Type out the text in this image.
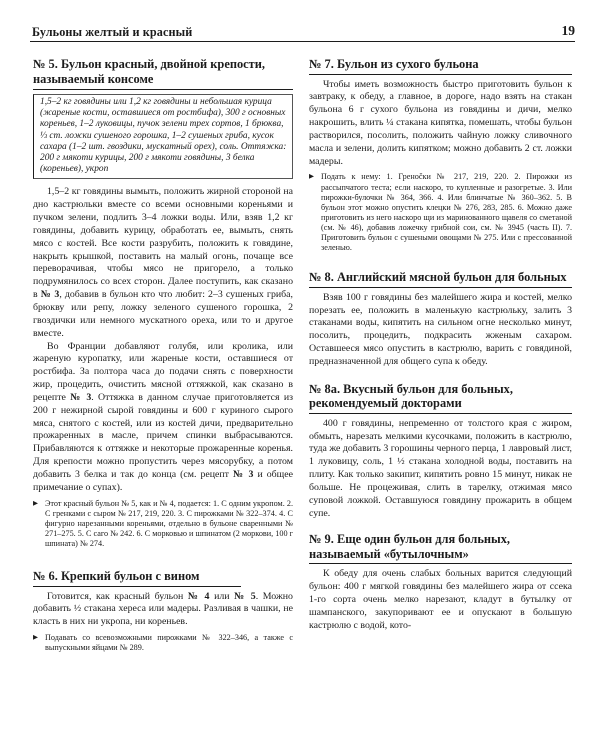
Бульоны желтый и красный	19
№ 5. Бульон красный, двойной крепости, называемый консоме
1,5–2 кг говядины или 1,2 кг говядины и небольшая курица (жареные кости, оставшиеся от ростбифа), 300 г основных кореньев, 1–2 луковицы, пучок зелени трех сортов, 1 брюква, ⅓ ст. ложки сушеного горошка, 1–2 сушеных гриба, кусок сахара (1–2 шт. гвоздики, мускатный орех), соль. Оттяжка: 200 г мякоти курицы, 200 г мякоти говядины, 3 белка (кореньев), укроп

1,5–2 кг говядины вымыть, положить жирной стороной на дно кастрюльки вместе со всеми основными кореньями и пучком зелени, подлить 3–4 ложки воды. Или, взяв 1,2 кг говядины, добавить курицу, обработать ее, вымыть, снять мясо с костей. Все кости разрубить, положить к говядине, накрыть крышкой, поставить на малый огонь, почаще все переворачивая, чтобы мясо не пригорело, а только подрумянилось со всех сторон. Далее поступить, как сказано в № 3, добавив в бульон кто что любит: 2–3 сушеных гриба, брюкву или репу, ложку зеленого сушеного горошка, 2 гвоздички или немного мускатного ореха, или то и другое вместе.

Во Франции добавляют голубя, или кролика, или жареную куропатку, или жареные кости, оставшиеся от ростбифа. За полтора часа до подачи снять с поверхности жир, процедить, очистить мясной оттяжкой, как сказано в рецепте № 3. Оттяжка в данном случае приготовляется из 200 г нежирной сырой говядины и 600 г куриного сырого мяса, снятого с костей, или из костей дичи, предварительно прожаренных в масле, причем спинки выбрасываются. Прибавляются к оттяжке и некоторые прожаренные коренья. Для крепости можно пропустить через мясорубку, а потом добавить 3 белка и так до конца (см. рецепт № 3 и общее примечание о супах).

▶ Этот красный бульон № 5, как и № 4, подается: 1. С одним укропом. 2. С гренками с сыром № 217, 219, 220. 3. С пирожками № 322–374. 4. С фигурно нарезанными кореньями, отдельно в бульоне сваренными № 271–275. 5. С саго № 242. 6. С морковью и шпинатом (2 моркови, 100 г шпината) № 274.
№ 6. Крепкий бульон с вином

Готовится, как красный бульон № 4 или № 5. Можно добавить ½ стакана хереса или мадеры. Разливая в чашки, не класть в них ни укропа, ни кореньев.

▶ Подавать со всевозможными пирожками № 322–346, а также с выпускными яйцами № 289.
№ 7. Бульон из сухого бульона

Чтобы иметь возможность быстро приготовить бульон к завтраку, к обеду, а главное, в дороге, надо взять на стакан бульона 6 г сухого бульона из говядины и дичи, мелко накрошить, влить ¼ стакана кипятка, помешать, чтобы бульон растворился, посолить, положить чайную ложку сливочного масла и зелени, долить кипятком; можно добавить 2 ст. ложки мадеры.

▶ Подать к нему: 1. Гренočки № 217, 219, 220. 2. Пирожки из рассыпчатого теста; если наскоро, то купленные и разогретые. 3. Или пирожки-булочки № 364, 366. 4. Или блинчатые № 360–362. 5. В бульон этот можно опустить клецки № 276, 283, 285. 6. Можно даже приготовить из него наскоро щи из маринованного щавеля со сметаной (см. № 46), добавив ложечку грибной сои, см. № 3945 (часть II). 7. Приготовить бульон с сушеными овощами № 275. Или с прессованной зеленью.
№ 8. Английский мясной бульон для больных

Взяв 100 г говядины без малейшего жира и костей, мелко порезать ее, положить в маленькую кастрюльку, залить 3 стаканами воды, кипятить на сильном огне несколько минут, посолить, процедить, подкрасить жженым сахаром. Оставшееся мясо опустить в кастрюлю, варить с говядиной, предназначенной для общего супа к обеду.

№ 8а. Вкусный бульон для больных, рекомендуемый докторами

400 г говядины, непременно от толстого края с жиром, обмыть, нарезать мелкими кусочками, положить в кастрюлю, туда же добавить 3 горошины черного перца, 1 лавровый лист, 1 луковицу, соль, 1 ½ стакана холодной воды, поставить на плиту. Как только закипит, кипятить ровно 15 минут, никак не больше. Не процеживая, слить в тарелку, отжимая мясо суповой ложкой. Оставшуюся говядину прожарить в общем супе.

№ 9. Еще один бульон для больных, называемый «бутылочным»

К обеду для очень слабых больных варится следующий бульон: 400 г мягкой говядины без малейшего жира от ссека 1-го сорта очень мелко нарезают, кладут в бутылку от шампанского, закупоривают ее и опускают в большую кастрюлю с водой, кото-
